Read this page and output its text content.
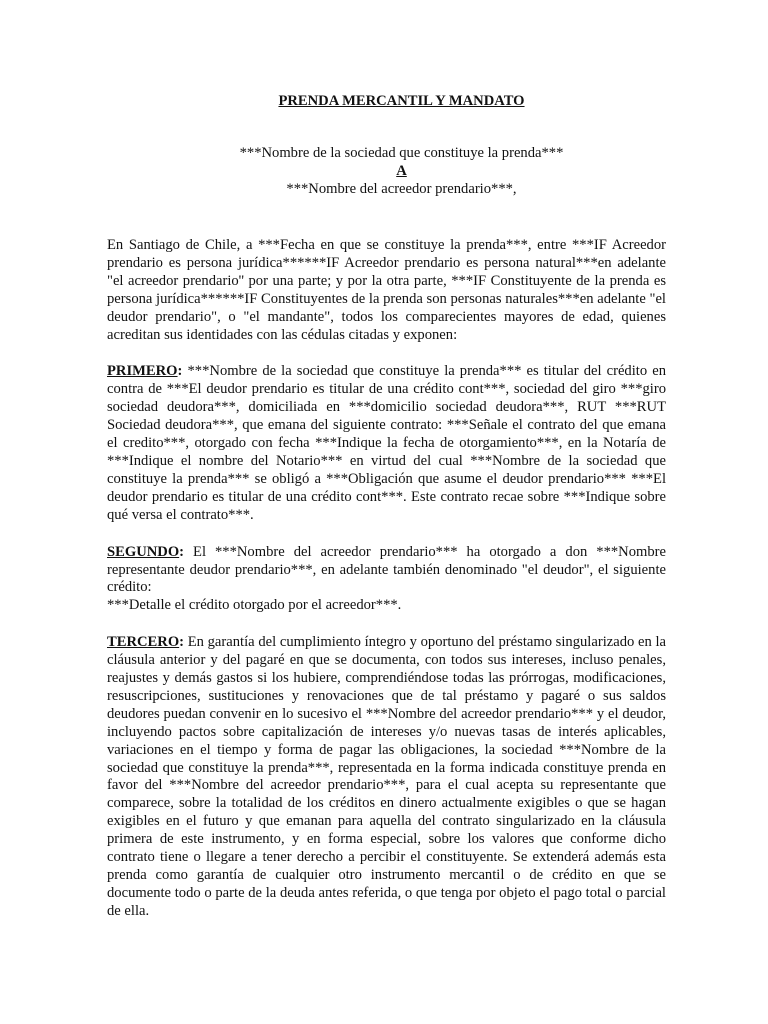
PRENDA MERCANTIL Y MANDATO
***Nombre de la sociedad que constituye la prenda***
A
***Nombre del acreedor prendario***,

En Santiago de Chile, a ***Fecha en que se constituye la prenda***, entre ***IF Acreedor prendario es persona jurídica******IF Acreedor prendario es persona natural***en adelante "el acreedor prendario'' por una parte; y por la otra parte, ***IF Constituyente de la prenda es persona jurídica******IF Constituyentes de la prenda son personas naturales***en adelante "el deudor prendario", o "el mandante", todos los comparecientes mayores de edad, quienes acreditan sus identidades con las cédulas citadas y exponen:

PRIMERO: ***Nombre de la sociedad que constituye la prenda*** es titular del crédito en contra de ***El deudor prendario es titular de una crédito cont***, sociedad del giro ***giro sociedad deudora***, domiciliada en ***domicilio sociedad deudora***, RUT ***RUT Sociedad deudora***, que emana del siguiente contrato: ***Señale el contrato del que emana el credito***, otorgado con fecha ***Indique la fecha de otorgamiento***, en la Notaría de ***Indique el nombre del Notario*** en virtud del cual ***Nombre de la sociedad que constituye la prenda*** se obligó a ***Obligación que asume el deudor prendario*** ***El deudor prendario es titular de una crédito cont***. Este contrato recae sobre ***Indique sobre qué versa el contrato***.

SEGUNDO: El ***Nombre del acreedor prendario*** ha otorgado a don ***Nombre representante deudor prendario***, en adelante también denominado "el deudor", el siguiente crédito:

***Detalle el crédito otorgado por el acreedor***.

TERCERO: En garantía del cumplimiento íntegro y oportuno del préstamo singularizado en la cláusula anterior y del pagaré en que se documenta, con todos sus intereses, incluso penales, reajustes y demás gastos si los hubiere, comprendiéndose todas las prórrogas, modificaciones, resuscripciones, sustituciones y renovaciones que de tal préstamo y pagaré o sus saldos deudores puedan convenir en lo sucesivo el ***Nombre del acreedor prendario*** y el deudor, incluyendo pactos sobre capitalización de intereses y/o nuevas tasas de interés aplicables, variaciones en el tiempo y forma de pagar las obligaciones, la sociedad ***Nombre de la sociedad que constituye la prenda***, representada en la forma indicada constituye prenda en favor del ***Nombre del acreedor prendario***, para el cual acepta su representante que comparece, sobre la totalidad de los créditos en dinero actualmente exigibles o que se hagan exigibles en el futuro y que emanan para aquella del contrato singularizado en la cláusula primera de este instrumento, y en forma especial, sobre los valores que conforme dicho contrato tiene o llegare a tener derecho a percibir el constituyente. Se extenderá además esta prenda como garantía de cualquier otro instrumento mercantil o de crédito en que se documente todo o parte de la deuda antes referida, o que tenga por objeto el pago total o parcial de ella.
